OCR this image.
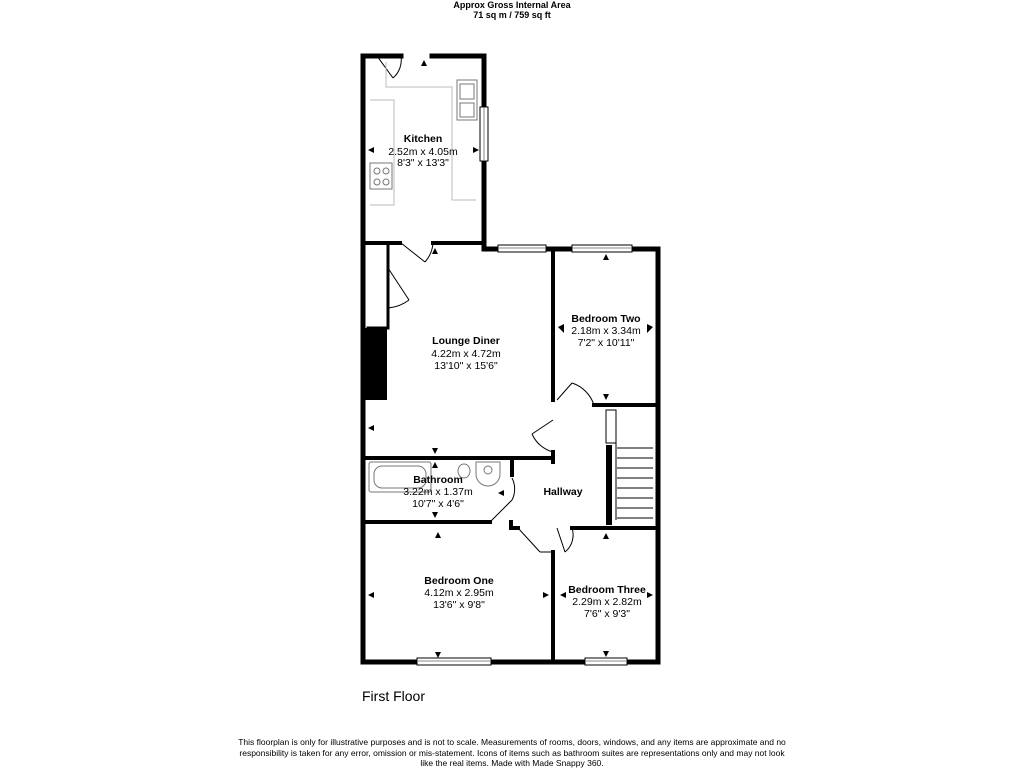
Approx Gross Internal Area
71 sq m / 759 sq ft
Kitchen
2.52m x 4.05m
8'3" x 13'3"
Lounge Diner
4.22m x 4.72m
13'10" x 15'6"
Bedroom Two
2.18m x 3.34m
7'2" x 10'11"
Bathroom
3.22m x 1.37m
10'7" x 4'6"
Hallway
Bedroom One
4.12m x 2.95m
13'6" x 9'8"
Bedroom Three
2.29m x 2.82m
7'6" x 9'3"
First Floor
This floorplan is only for illustrative purposes and is not to scale. Measurements of rooms, doors, windows, and any items are approximate and no responsibility is taken for any error, omission or mis-statement. Icons of items such as bathroom suites are representations only and may not look like the real items. Made with Made Snappy 360.
